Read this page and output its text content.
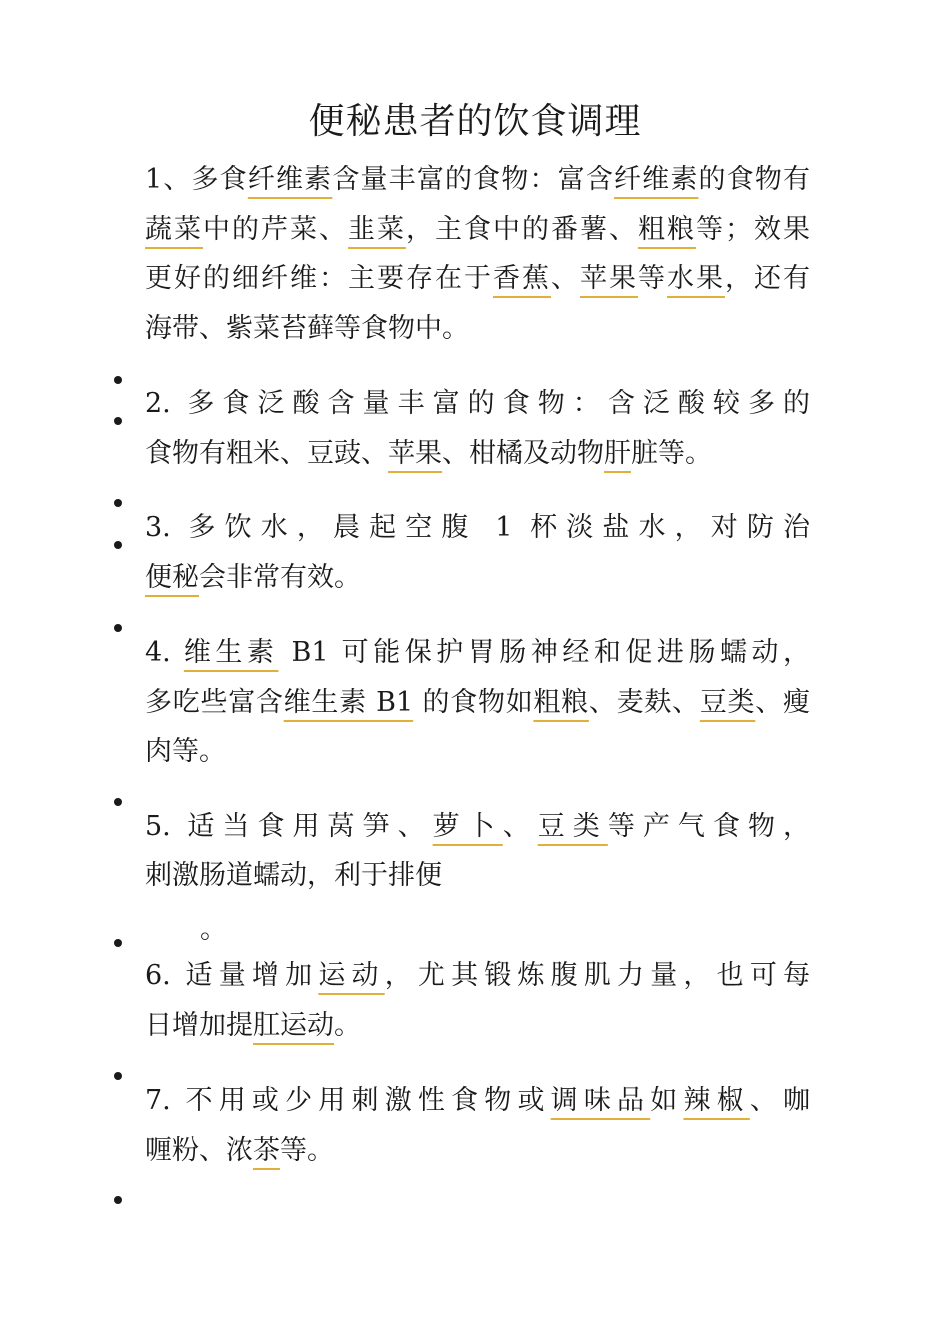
便秘患者的饮食调理
1、多食纤维素含量丰富的食物：富含纤维素的食物有
蔬菜中的芹菜、韭菜，主食中的番薯、粗粮等；效果
更好的细纤维：主要存在于香蕉、苹果等水果，还有
海带、紫菜苔藓等食物中。
2. 多食泛酸含量丰富的食物：含泛酸较多的
食物有粗米、豆豉、苹果、柑橘及动物肝脏等。
3. 多饮水，晨起空腹 1 杯淡盐水，对防治
便秘会非常有效。
4. 维生素 B1 可能保护胃肠神经和促进肠蠕动，
多吃些富含维生素 B1 的食物如粗粮、麦麸、豆类、瘦
肉等。
5. 适当食用莴笋、萝卜、豆类等产气食物，
刺激肠道蠕动，利于排便
。
6. 适量增加运动，尤其锻炼腹肌力量，也可每
日增加提肛运动。
7. 不用或少用刺激性食物或调味品如辣椒、咖
喱粉、浓茶等。
